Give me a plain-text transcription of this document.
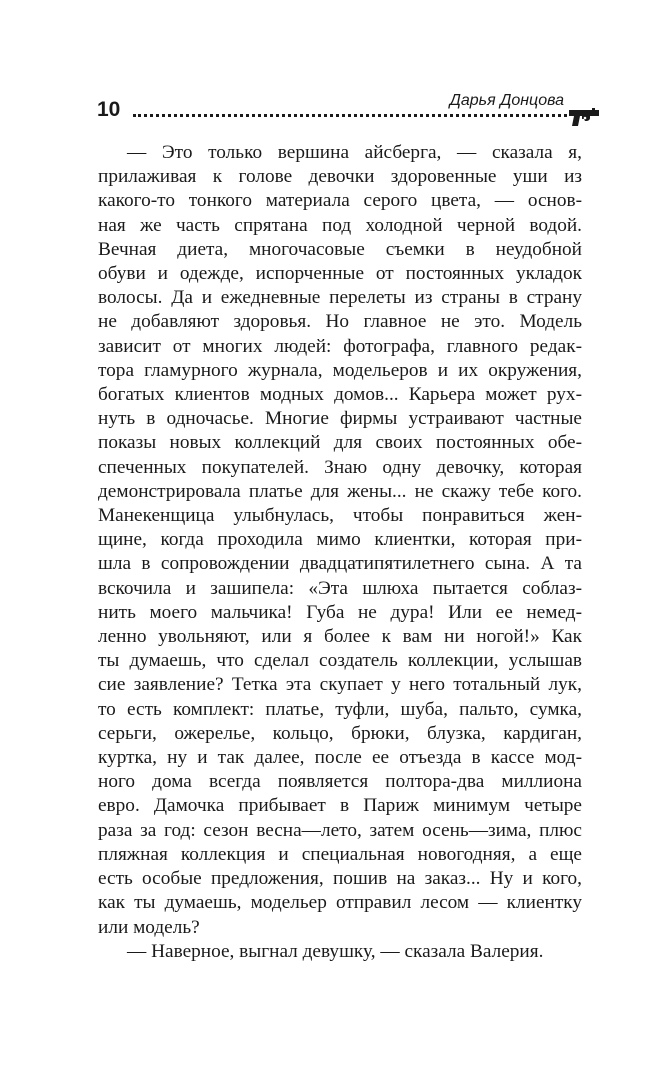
10	Дарья Донцова
— Это только вершина айсберга, — сказала я,
прилаживая к голове девочки здоровенные уши из
какого-то тонкого материала серого цвета, — основ-
ная же часть спрятана под холодной черной водой.
Вечная диета, многочасовые съемки в неудобной
обуви и одежде, испорченные от постоянных укладок
волосы. Да и ежедневные перелеты из страны в страну
не добавляют здоровья. Но главное не это. Модель
зависит от многих людей: фотографа, главного редак-
тора гламурного журнала, модельеров и их окружения,
богатых клиентов модных домов... Карьера может рух-
нуть в одночасье. Многие фирмы устраивают частные
показы новых коллекций для своих постоянных обе-
спеченных покупателей. Знаю одну девочку, которая
демонстрировала платье для жены... не скажу тебе кого.
Манекенщица улыбнулась, чтобы понравиться жен-
щине, когда проходила мимо клиентки, которая при-
шла в сопровождении двадцатипятилетнего сына. А та
вскочила и зашипела: «Эта шлюха пытается соблаз-
нить моего мальчика! Губа не дура! Или ее немед-
ленно увольняют, или я более к вам ни ногой!» Как
ты думаешь, что сделал создатель коллекции, услышав
сие заявление? Тетка эта скупает у него тотальный лук,
то есть комплект: платье, туфли, шуба, пальто, сумка,
серьги, ожерелье, кольцо, брюки, блузка, кардиган,
куртка, ну и так далее, после ее отъезда в кассе мод-
ного дома всегда появляется полтора-два миллиона
евро. Дамочка прибывает в Париж минимум четыре
раза за год: сезон весна—лето, затем осень—зима, плюс
пляжная коллекция и специальная новогодняя, а еще
есть особые предложения, пошив на заказ... Ну и кого,
как ты думаешь, модельер отправил лесом — клиентку
или модель?
— Наверное, выгнал девушку, — сказала Валерия.
